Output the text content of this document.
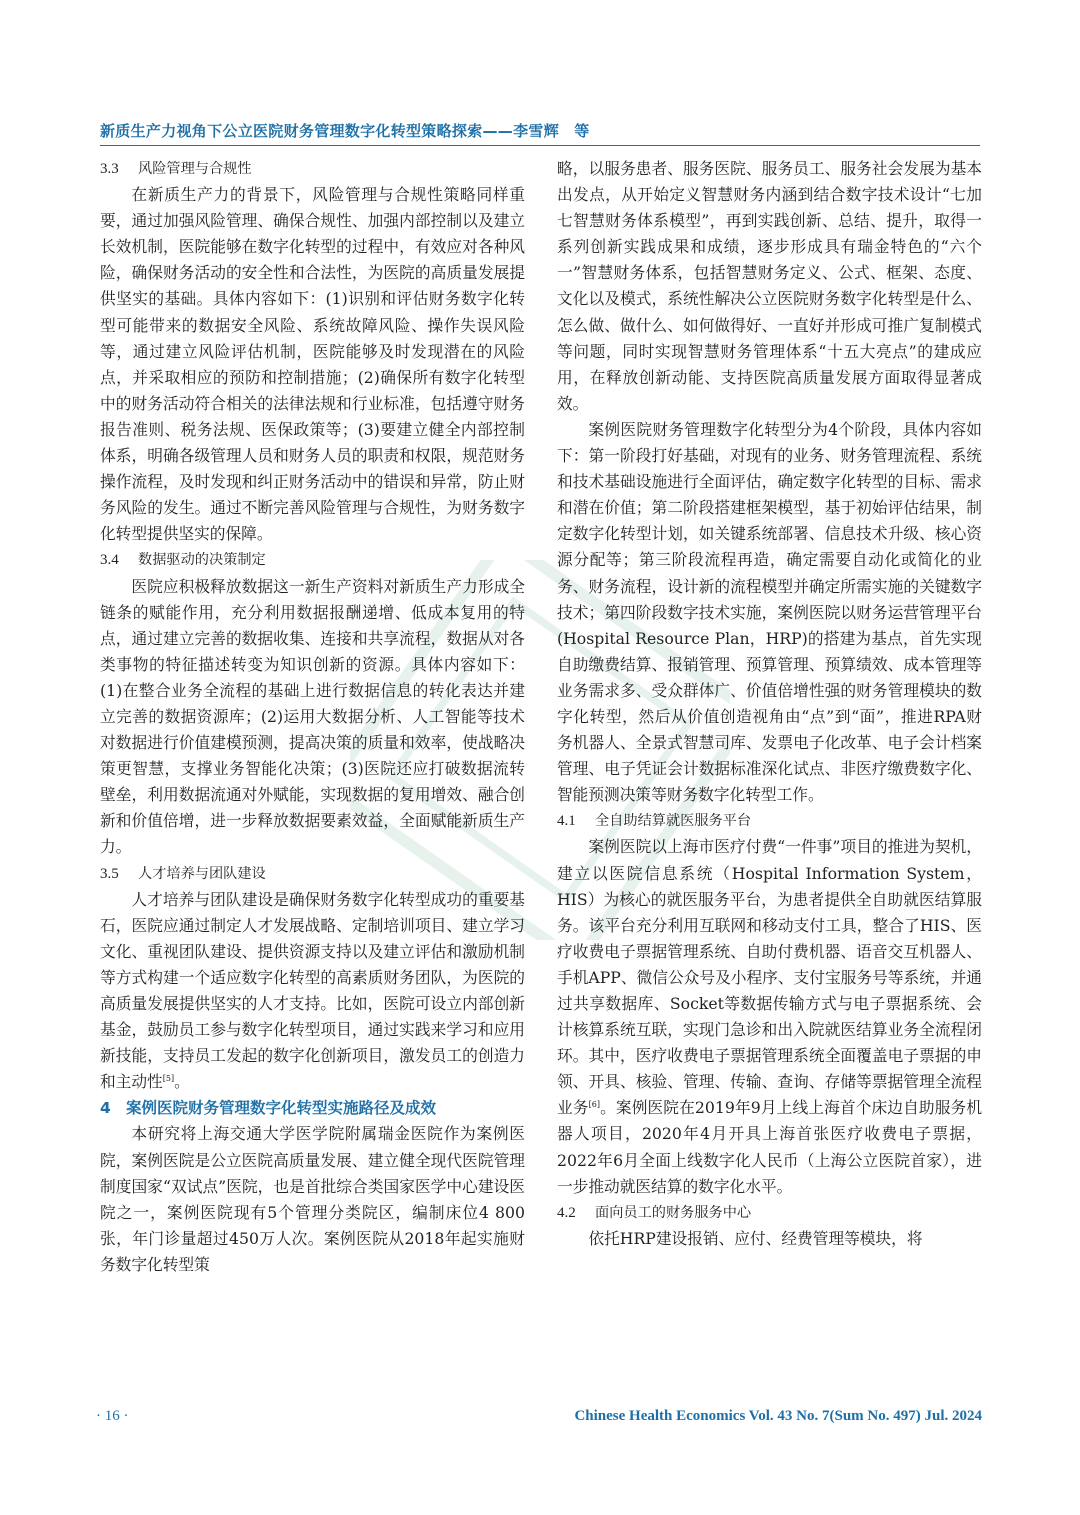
新质生产力视角下公立医院财务管理数字化转型策略探索——李雪辉　等
3.3 风险管理与合规性

在新质生产力的背景下，风险管理与合规性策略同样重要，通过加强风险管理、确保合规性、加强内部控制以及建立长效机制，医院能够在数字化转型的过程中，有效应对各种风险，确保财务活动的安全性和合法性，为医院的高质量发展提供坚实的基础。具体内容如下：(1)识别和评估财务数字化转型可能带来的数据安全风险、系统故障风险、操作失误风险等，通过建立风险评估机制，医院能够及时发现潜在的风险点，并采取相应的预防和控制措施；(2)确保所有数字化转型中的财务活动符合相关的法律法规和行业标准，包括遵守财务报告准则、税务法规、医保政策等；(3)要建立健全内部控制体系，明确各级管理人员和财务人员的职责和权限，规范财务操作流程，及时发现和纠正财务活动中的错误和异常，防止财务风险的发生。通过不断完善风险管理与合规性，为财务数字化转型提供坚实的保障。

3.4 数据驱动的决策制定

医院应积极释放数据这一新生产资料对新质生产力形成全链条的赋能作用，充分利用数据报酬递增、低成本复用的特点，通过建立完善的数据收集、连接和共享流程，数据从对各类事物的特征描述转变为知识创新的资源。具体内容如下：(1)在整合业务全流程的基础上进行数据信息的转化表达并建立完善的数据资源库；(2)运用大数据分析、人工智能等技术对数据进行价值建模预测，提高决策的质量和效率，使战略决策更智慧，支撑业务智能化决策；(3)医院还应打破数据流转壁垒，利用数据流通对外赋能，实现数据的复用增效、融合创新和价值倍增，进一步释放数据要素效益，全面赋能新质生产力。

3.5 人才培养与团队建设

人才培养与团队建设是确保财务数字化转型成功的重要基石，医院应通过制定人才发展战略、定制培训项目、建立学习文化、重视团队建设、提供资源支持以及建立评估和激励机制等方式构建一个适应数字化转型的高素质财务团队，为医院的高质量发展提供坚实的人才支持。比如，医院可设立内部创新基金，鼓励员工参与数字化转型项目，通过实践来学习和应用新技能，支持员工发起的数字化创新项目，激发员工的创造力和主动性[5]。

4 案例医院财务管理数字化转型实施路径及成效

本研究将上海交通大学医学院附属瑞金医院作为案例医院，案例医院是公立医院高质量发展、建立健全现代医院管理制度国家“双试点”医院，也是首批综合类国家医学中心建设医院之一，案例医院现有5个管理分类院区，编制床位4 800张，年门诊量超过450万人次。案例医院从2018年起实施财务数字化转型策

略，以服务患者、服务医院、服务员工、服务社会发展为基本出发点，从开始定义智慧财务内涵到结合数字技术设计“七加七智慧财务体系模型”，再到实践创新、总结、提升，取得一系列创新实践成果和成绩，逐步形成具有瑞金特色的“六个一”智慧财务体系，包括智慧财务定义、公式、框架、态度、文化以及模式，系统性解决公立医院财务数字化转型是什么、怎么做、做什么、如何做得好、一直好并形成可推广复制模式等问题，同时实现智慧财务管理体系“十五大亮点”的建成应用，在释放创新动能、支持医院高质量发展方面取得显著成效。

案例医院财务管理数字化转型分为4个阶段，具体内容如下：第一阶段打好基础，对现有的业务、财务管理流程、系统和技术基础设施进行全面评估，确定数字化转型的目标、需求和潜在价值；第二阶段搭建框架模型，基于初始评估结果，制定数字化转型计划，如关键系统部署、信息技术升级、核心资源分配等；第三阶段流程再造，确定需要自动化或简化的业务、财务流程，设计新的流程模型并确定所需实施的关键数字技术；第四阶段数字技术实施，案例医院以财务运营管理平台(Hospital Resource Plan，HRP)的搭建为基点，首先实现自助缴费结算、报销管理、预算管理、预算绩效、成本管理等业务需求多、受众群体广、价值倍增性强的财务管理模块的数字化转型，然后从价值创造视角由“点”到“面”，推进RPA财务机器人、全景式智慧司库、发票电子化改革、电子会计档案管理、电子凭证会计数据标准深化试点、非医疗缴费数字化、智能预测决策等财务数字化转型工作。

4.1 全自助结算就医服务平台

案例医院以上海市医疗付费“一件事”项目的推进为契机，建立以医院信息系统（Hospital Information System，HIS）为核心的就医服务平台，为患者提供全自助就医结算服务。该平台充分利用互联网和移动支付工具，整合了HIS、医疗收费电子票据管理系统、自助付费机器、语音交互机器人、手机APP、微信公众号及小程序、支付宝服务号等系统，并通过共享数据库、Socket等数据传输方式与电子票据系统、会计核算系统互联，实现门急诊和出入院就医结算业务全流程闭环。其中，医疗收费电子票据管理系统全面覆盖电子票据的申领、开具、核验、管理、传输、查询、存储等票据管理全流程业务[6]。案例医院在2019年9月上线上海首个床边自助服务机器人项目，2020年4月开具上海首张医疗收费电子票据，2022年6月全面上线数字化人民币（上海公立医院首家），进一步推动就医结算的数字化水平。

4.2 面向员工的财务服务中心

依托HRP建设报销、应付、经费管理等模块，将

· 16 ·	Chinese Health Economics Vol. 43 No. 7(Sum No. 497) Jul. 2024
